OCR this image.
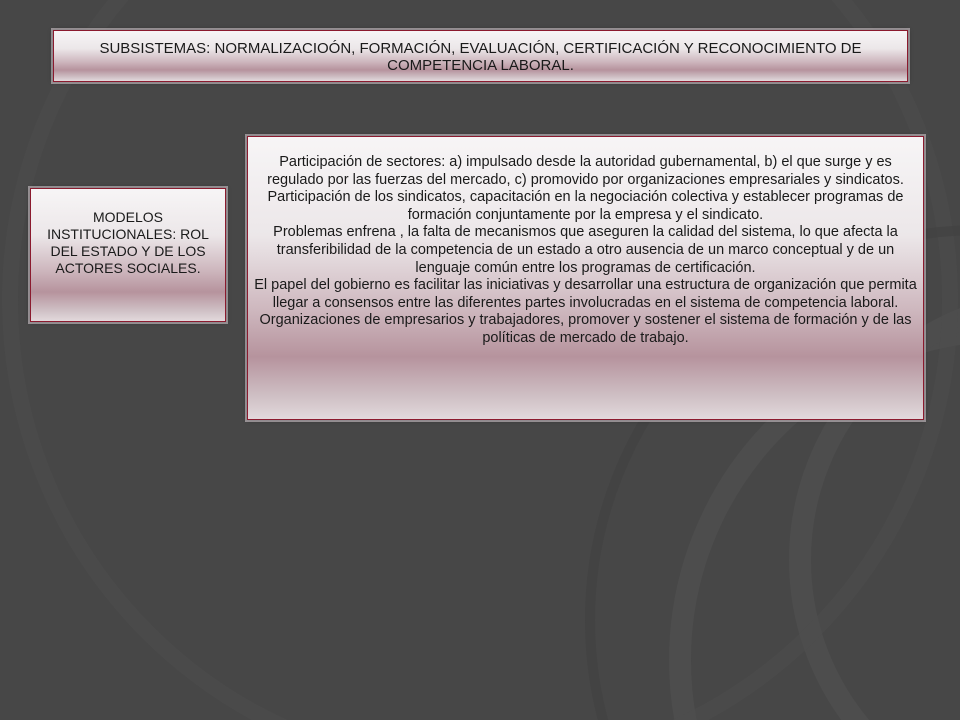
SUBSISTEMAS: NORMALIZACIOÓN, FORMACIÓN, EVALUACIÓN, CERTIFICACIÓN Y RECONOCIMIENTO DE COMPETENCIA LABORAL.
MODELOS INSTITUCIONALES: ROL DEL ESTADO Y DE LOS ACTORES SOCIALES.

Participación de sectores: a) impulsado desde la autoridad gubernamental, b) el que surge y es regulado por las fuerzas del mercado, c) promovido por organizaciones empresariales y sindicatos.

Participación de los sindicatos, capacitación en la negociación colectiva y establecer programas de formación conjuntamente por la empresa y el sindicato.

Problemas enfrena , la falta de mecanismos que aseguren la calidad del sistema, lo que afecta la transferibilidad de la competencia de un estado a otro ausencia de un marco conceptual y de un lenguaje común entre los programas de certificación.

El papel del gobierno es facilitar las iniciativas y desarrollar una estructura de organización que permita llegar a consensos entre las diferentes partes involucradas en el sistema de competencia laboral.

Organizaciones de empresarios y trabajadores, promover y sostener el sistema de formación y de las políticas de mercado de trabajo.
